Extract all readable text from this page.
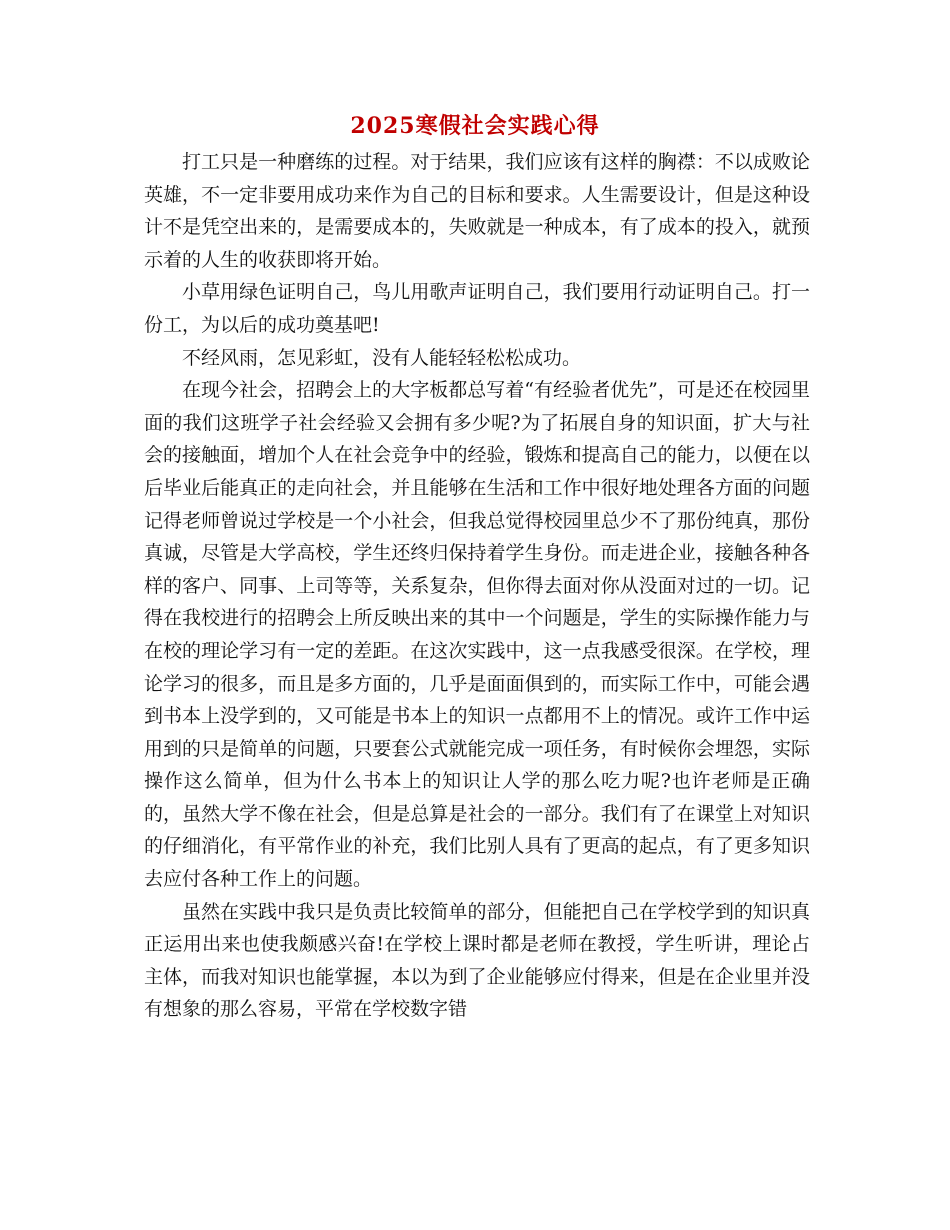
2025寒假社会实践心得

打工只是一种磨练的过程。对于结果，我们应该有这样的胸襟：不以成败论英雄，不一定非要用成功来作为自己的目标和要求。人生需要设计，但是这种设计不是凭空出来的，是需要成本的，失败就是一种成本，有了成本的投入，就预示着的人生的收获即将开始。

小草用绿色证明自己，鸟儿用歌声证明自己，我们要用行动证明自己。打一份工，为以后的成功奠基吧!

不经风雨，怎见彩虹，没有人能轻轻松松成功。

在现今社会，招聘会上的大字板都总写着“有经验者优先”，可是还在校园里面的我们这班学子社会经验又会拥有多少呢?为了拓展自身的知识面，扩大与社会的接触面，增加个人在社会竞争中的经验，锻炼和提高自己的能力，以便在以后毕业后能真正的走向社会，并且能够在生活和工作中很好地处理各方面的问题记得老师曾说过学校是一个小社会，但我总觉得校园里总少不了那份纯真，那份真诚，尽管是大学高校，学生还终归保持着学生身份。而走进企业，接触各种各样的客户、同事、上司等等，关系复杂，但你得去面对你从没面对过的一切。记得在我校进行的招聘会上所反映出来的其中一个问题是，学生的实际操作能力与在校的理论学习有一定的差距。在这次实践中，这一点我感受很深。在学校，理论学习的很多，而且是多方面的，几乎是面面俱到的，而实际工作中，可能会遇到书本上没学到的，又可能是书本上的知识一点都用不上的情况。或许工作中运用到的只是简单的问题，只要套公式就能完成一项任务，有时候你会埋怨，实际操作这么简单，但为什么书本上的知识让人学的那么吃力呢?也许老师是正确的，虽然大学不像在社会，但是总算是社会的一部分。我们有了在课堂上对知识的仔细消化，有平常作业的补充，我们比别人具有了更高的起点，有了更多知识去应付各种工作上的问题。

虽然在实践中我只是负责比较简单的部分，但能把自己在学校学到的知识真正运用出来也使我颇感兴奋!在学校上课时都是老师在教授，学生听讲，理论占主体，而我对知识也能掌握，本以为到了企业能够应付得来，但是在企业里并没有想象的那么容易，平常在学校数字错
